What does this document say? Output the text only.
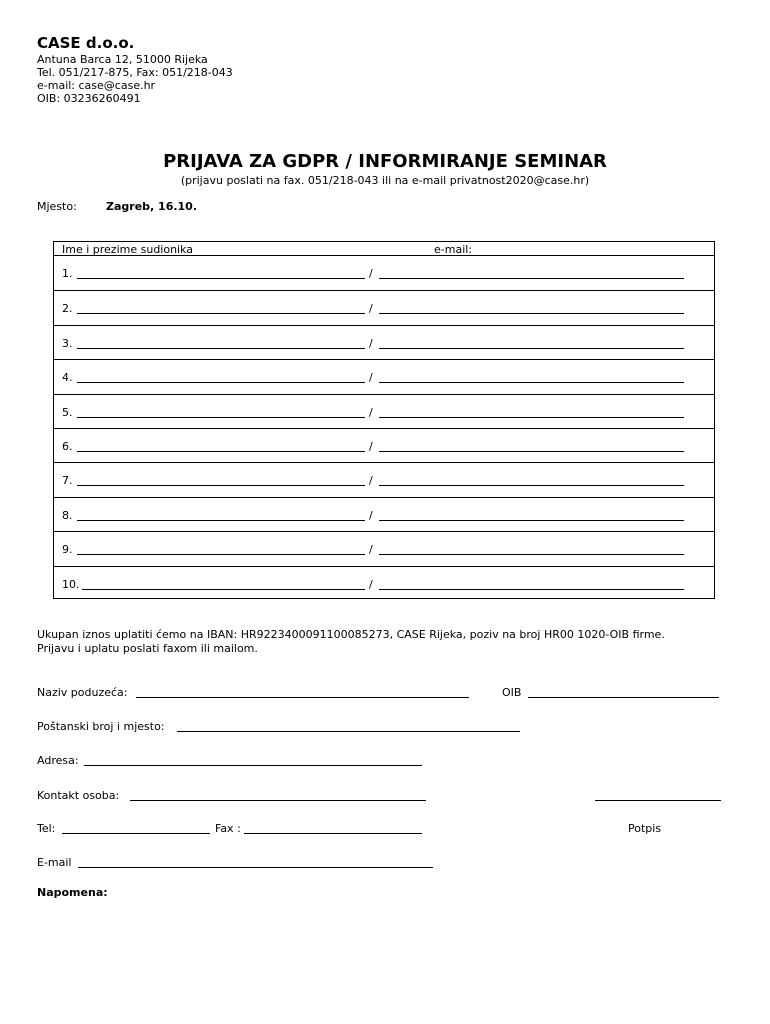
CASE d.o.o.
Antuna Barca 12, 51000 Rijeka
Tel. 051/217-875, Fax: 051/218-043
e-mail: case@case.hr
OIB: 03236260491
PRIJAVA ZA GDPR / INFORMIRANJE SEMINAR
(prijavu poslati na fax. 051/218-043 ili na e-mail privatnost2020@case.hr)
Mjesto:	Zagreb, 16.10.
Ime i prezime sudionika	e-mail:
1.	/
2.	/
3.	/
4.	/
5.	/
6.	/
7.	/
8.	/
9.	/
10.	/
Ukupan iznos uplatiti ćemo na IBAN: HR9223400091100085273, CASE Rijeka, poziv na broj HR00 1020-OIB firme.
Prijavu i uplatu poslati faxom ili mailom.
Naziv poduzeća:	OIB
Poštanski broj i mjesto:
Adresa:
Kontakt osoba:
Tel:	Fax :	Potpis
E-mail
Napomena:
